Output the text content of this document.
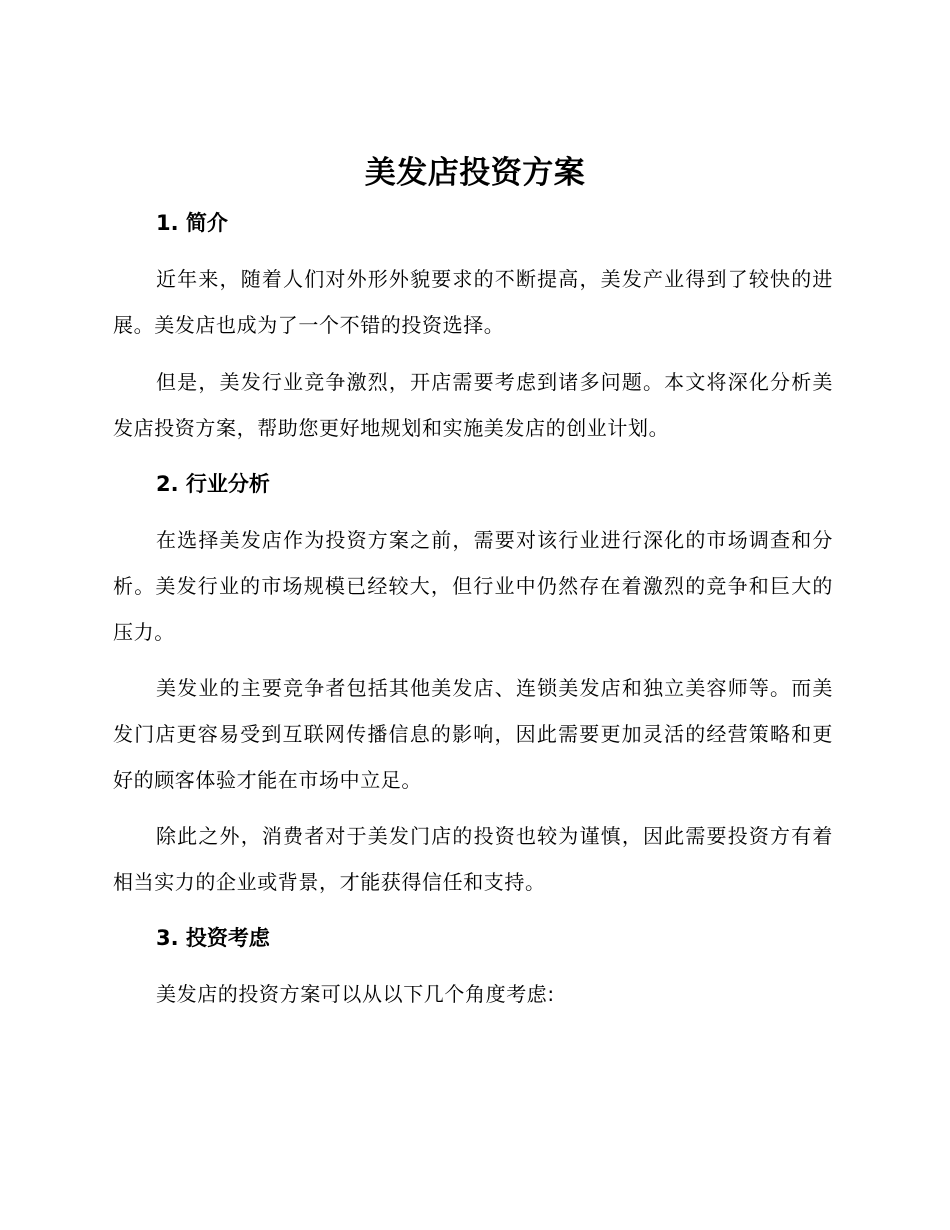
美发店投资方案
1. 简介
近年来，随着人们对外形外貌要求的不断提高，美发产业得到了较快的进展。美发店也成为了一个不错的投资选择。
但是，美发行业竞争激烈，开店需要考虑到诸多问题。本文将深化分析美发店投资方案，帮助您更好地规划和实施美发店的创业计划。
2. 行业分析
在选择美发店作为投资方案之前，需要对该行业进行深化的市场调查和分析。美发行业的市场规模已经较大，但行业中仍然存在着激烈的竞争和巨大的压力。
美发业的主要竞争者包括其他美发店、连锁美发店和独立美容师等。而美发门店更容易受到互联网传播信息的影响，因此需要更加灵活的经营策略和更好的顾客体验才能在市场中立足。
除此之外，消费者对于美发门店的投资也较为谨慎，因此需要投资方有着相当实力的企业或背景，才能获得信任和支持。
3. 投资考虑
美发店的投资方案可以从以下几个角度考虑:
